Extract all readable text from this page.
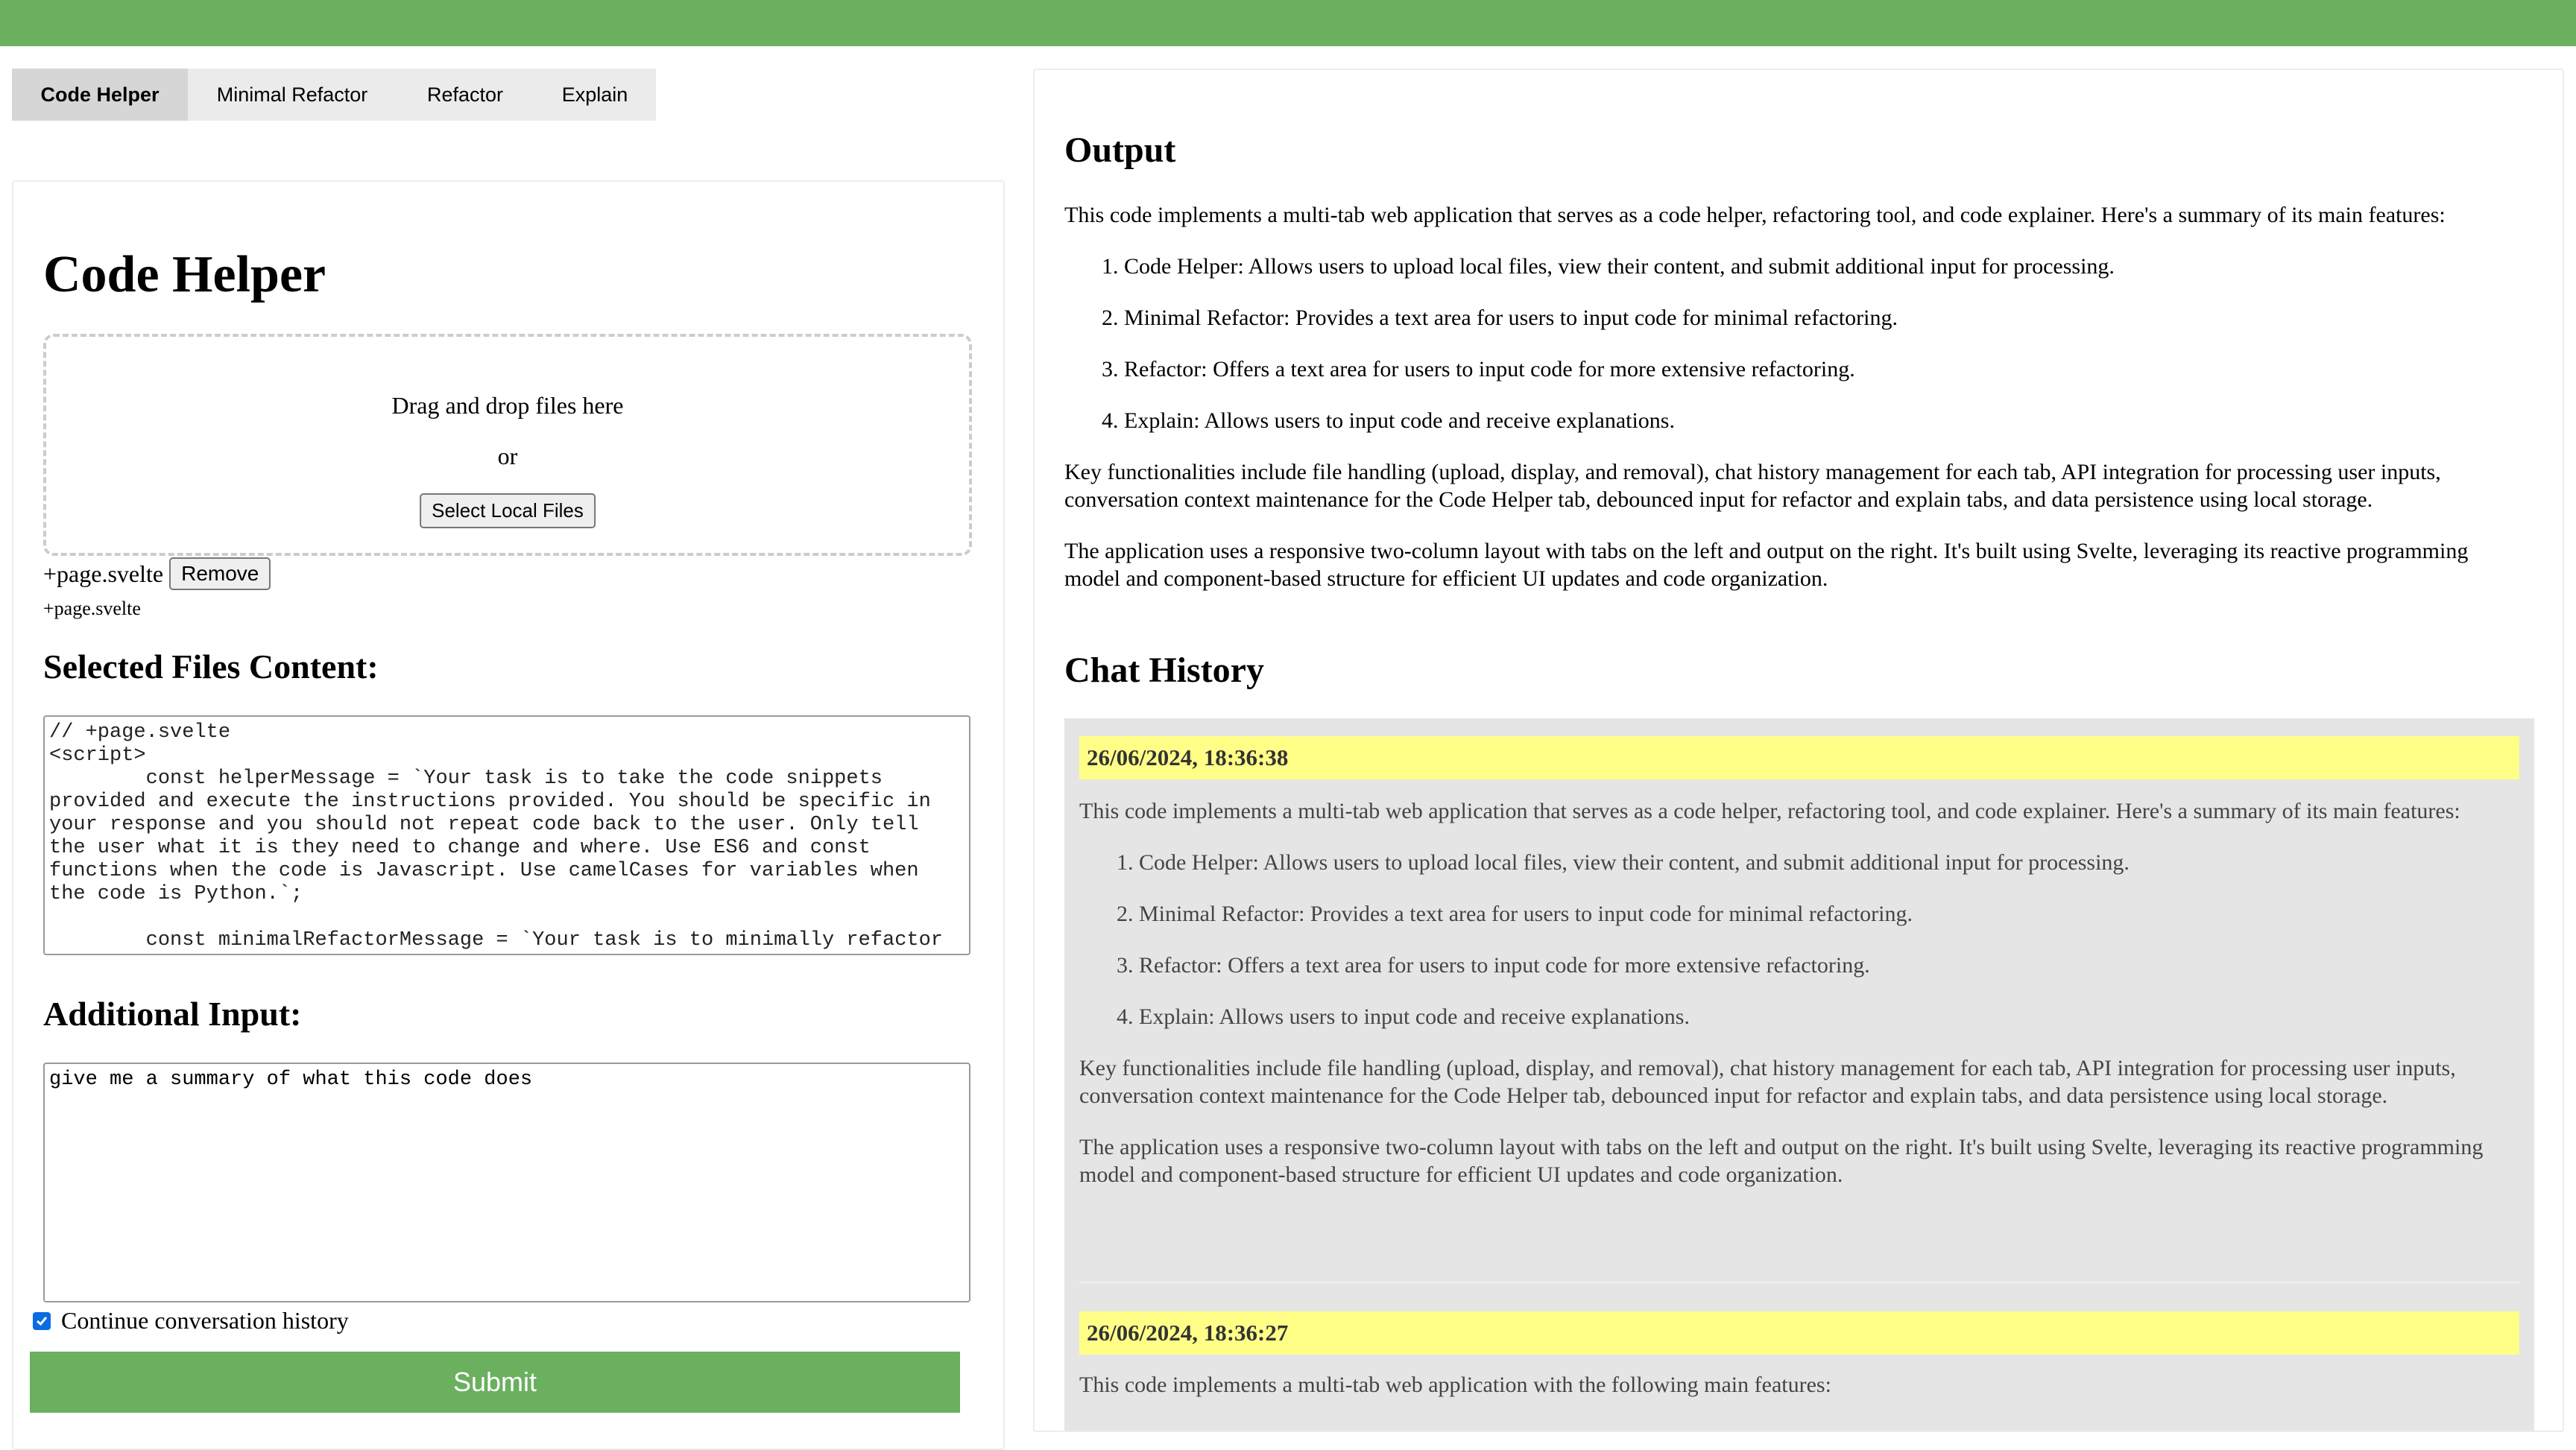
Code Helper	Minimal Refactor	Refactor	Explain
Code Helper
Drag and drop files here
or
Select Local Files
+page.svelte Remove
+page.svelte
Selected Files Content:
// +page.svelte
<script>
const helperMessage = `Your task is to take the code snippets provided and execute the instructions provided. You should be specific in your response and you should not repeat code back to the user. Only tell the user what it is they need to change and where. Use ES6 and const functions when the code is Javascript. Use camelCases for variables when the code is Python.`;

const minimalRefactorMessage = `Your task is to minimally refactor
Additional Input:
give me a summary of what this code does
Continue conversation history
Submit
Output

This code implements a multi-tab web application that serves as a code helper, refactoring tool, and code explainer. Here's a summary of its main features:

1. Code Helper: Allows users to upload local files, view their content, and submit additional input for processing.
2. Minimal Refactor: Provides a text area for users to input code for minimal refactoring.
3. Refactor: Offers a text area for users to input code for more extensive refactoring.
4. Explain: Allows users to input code and receive explanations.

Key functionalities include file handling (upload, display, and removal), chat history management for each tab, API integration for processing user inputs, conversation context maintenance for the Code Helper tab, debounced input for refactor and explain tabs, and data persistence using local storage.

The application uses a responsive two-column layout with tabs on the left and output on the right. It's built using Svelte, leveraging its reactive programming model and component-based structure for efficient UI updates and code organization.

Chat History
26/06/2024, 18:36:38

This code implements a multi-tab web application that serves as a code helper, refactoring tool, and code explainer. Here's a summary of its main features:

1. Code Helper: Allows users to upload local files, view their content, and submit additional input for processing.
2. Minimal Refactor: Provides a text area for users to input code for minimal refactoring.
3. Refactor: Offers a text area for users to input code for more extensive refactoring.
4. Explain: Allows users to input code and receive explanations.

Key functionalities include file handling (upload, display, and removal), chat history management for each tab, API integration for processing user inputs, conversation context maintenance for the Code Helper tab, debounced input for refactor and explain tabs, and data persistence using local storage.

The application uses a responsive two-column layout with tabs on the left and output on the right. It's built using Svelte, leveraging its reactive programming model and component-based structure for efficient UI updates and code organization.

26/06/2024, 18:36:27

This code implements a multi-tab web application with the following main features:
